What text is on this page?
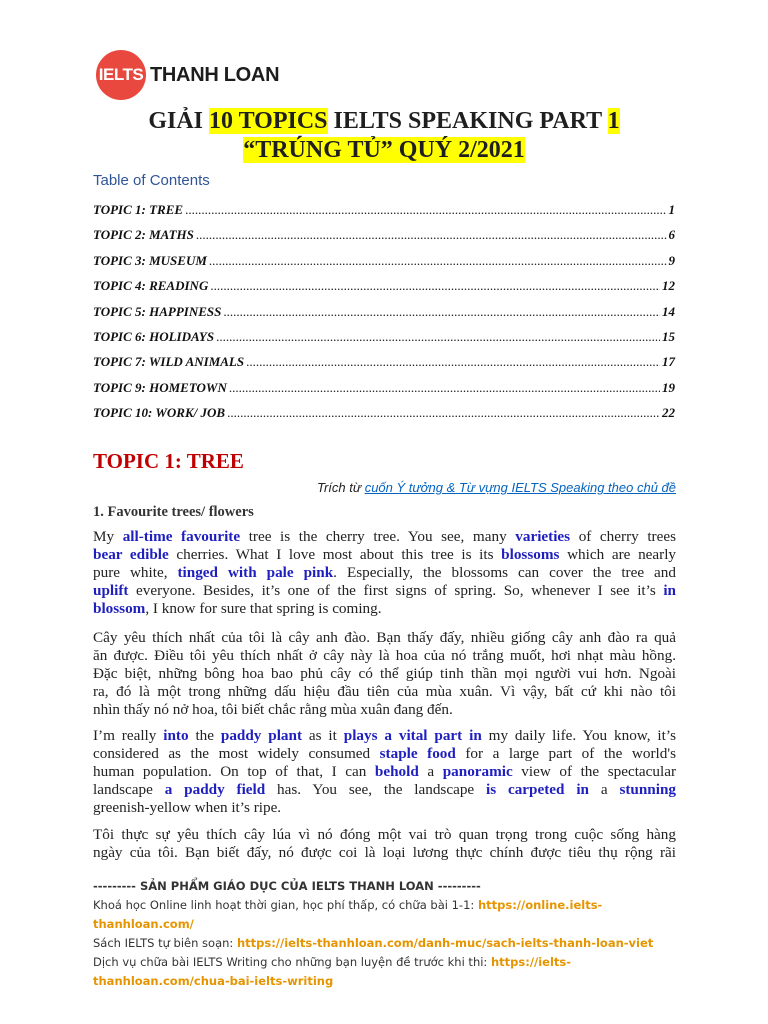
IELTS THANH LOAN
GIẢI 10 TOPICS IELTS SPEAKING PART 1
“TRÚNG TỦ” QUÝ 2/2021
Table of Contents
TOPIC 1: TREE .....	1
TOPIC 2: MATHS .....	6
TOPIC 3: MUSEUM .....	9
TOPIC 4: READING .....	12
TOPIC 5: HAPPINESS .....	14
TOPIC 6: HOLIDAYS .....	15
TOPIC 7: WILD ANIMALS .....	17
TOPIC 9: HOMETOWN .....	19
TOPIC 10: WORK/ JOB .....	22
TOPIC 1: TREE
Trích từ cuốn Ý tưởng & Từ vựng IELTS Speaking theo chủ đề
1. Favourite trees/ flowers
My all-time favourite tree is the cherry tree. You see, many varieties of cherry trees
bear edible cherries. What I love most about this tree is its blossoms which are nearly
pure white, tinged with pale pink. Especially, the blossoms can cover the tree and
uplift everyone. Besides, it’s one of the first signs of spring. So, whenever I see it’s in
blossom, I know for sure that spring is coming.
Cây yêu thích nhất của tôi là cây anh đào. Bạn thấy đấy, nhiều giống cây anh đào ra quả
ăn được. Điều tôi yêu thích nhất ở cây này là hoa của nó trắng muốt, hơi nhạt màu hồng.
Đặc biệt, những bông hoa bao phủ cây có thể giúp tinh thần mọi người vui hơn. Ngoài
ra, đó là một trong những dấu hiệu đầu tiên của mùa xuân. Vì vậy, bất cứ khi nào tôi
nhìn thấy nó nở hoa, tôi biết chắc rằng mùa xuân đang đến.
I’m really into the paddy plant as it plays a vital part in my daily life. You know, it’s
considered as the most widely consumed staple food for a large part of the world's
human population. On top of that, I can behold a panoramic view of the spectacular
landscape a paddy field has. You see, the landscape is carpeted in a stunning
greenish-yellow when it’s ripe.
Tôi thực sự yêu thích cây lúa vì nó đóng một vai trò quan trọng trong cuộc sống hàng
ngày của tôi. Bạn biết đấy, nó được coi là loại lương thực chính được tiêu thụ rộng rãi
--------- SẢN PHẨM GIÁO DỤC CỦA IELTS THANH LOAN ---------
Khoá học Online linh hoạt thời gian, học phí thấp, có chữa bài 1-1: https://online.ielts-
thanhloan.com/
Sách IELTS tự biên soạn: https://ielts-thanhloan.com/danh-muc/sach-ielts-thanh-loan-viet
Dịch vụ chữa bài IELTS Writing cho những bạn luyện đề trước khi thi: https://ielts-
thanhloan.com/chua-bai-ielts-writing
